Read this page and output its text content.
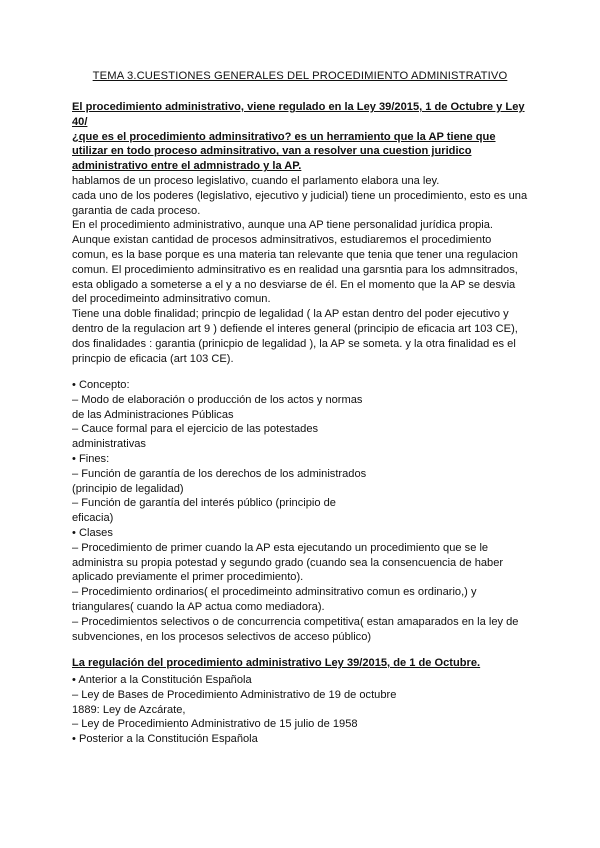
TEMA 3.CUESTIONES GENERALES DEL PROCEDIMIENTO ADMINISTRATIVO
El procedimiento administrativo, viene regulado en la Ley 39/2015, 1 de Octubre y Ley
40/
¿que es el procedimiento adminsitrativo? es un herramiento que la AP tiene que
utilizar en todo proceso adminsitrativo, van a resolver una cuestion juridico
administrativo entre el admnistrado y la AP.
hablamos de un proceso legislativo, cuando el parlamento elabora una ley.
cada uno de los poderes (legislativo, ejecutivo y judicial) tiene un procedimiento, esto es una
garantia de cada proceso.
En el procedimiento administrativo, aunque una AP tiene personalidad jurídica propia.
Aunque existan cantidad de procesos adminsitrativos, estudiaremos el procedimiento
comun, es la base porque es una materia tan relevante que tenia que tener una regulacion
comun. El procedimiento adminsitrativo es en realidad una garsntia para los admnsitrados,
esta obligado a someterse a el y a no desviarse de él. En el momento que la AP se desvia
del procedimeinto adminsitrativo comun.
Tiene una doble finalidad; princpio de legalidad ( la AP estan dentro del poder ejecutivo y
dentro de la regulacion art 9 ) defiende el interes general (principio de eficacia art 103 CE),
dos finalidades : garantia (prinicpio de legalidad ), la AP se someta. y la otra finalidad es el
princpio de eficacia (art 103 CE).
• Concepto:
– Modo de elaboración o producción de los actos y normas
de las Administraciones Públicas
– Cauce formal para el ejercicio de las potestades
administrativas
• Fines:
– Función de garantía de los derechos de los administrados
(principio de legalidad)
– Función de garantía del interés público (principio de
eficacia)
• Clases
– Procedimiento de primer cuando la AP esta ejecutando un procedimiento que se le
administra su propia potestad y segundo grado (cuando sea la consencuencia de haber
aplicado previamente el primer procedimiento).
– Procedimiento ordinarios( el procedimeinto adminsitrativo comun es ordinario,) y
triangulares( cuando la AP actua como mediadora).
– Procedimientos selectivos o de concurrencia competitiva( estan amaparados en la ley de
subvenciones, en los procesos selectivos de acceso público)
La regulación del procedimiento administrativo Ley 39/2015, de 1 de Octubre.
• Anterior a la Constitución Española
– Ley de Bases de Procedimiento Administrativo de 19 de octubre
1889: Ley de Azcárate,
– Ley de Procedimiento Administrativo de 15 julio de 1958
• Posterior a la Constitución Española
